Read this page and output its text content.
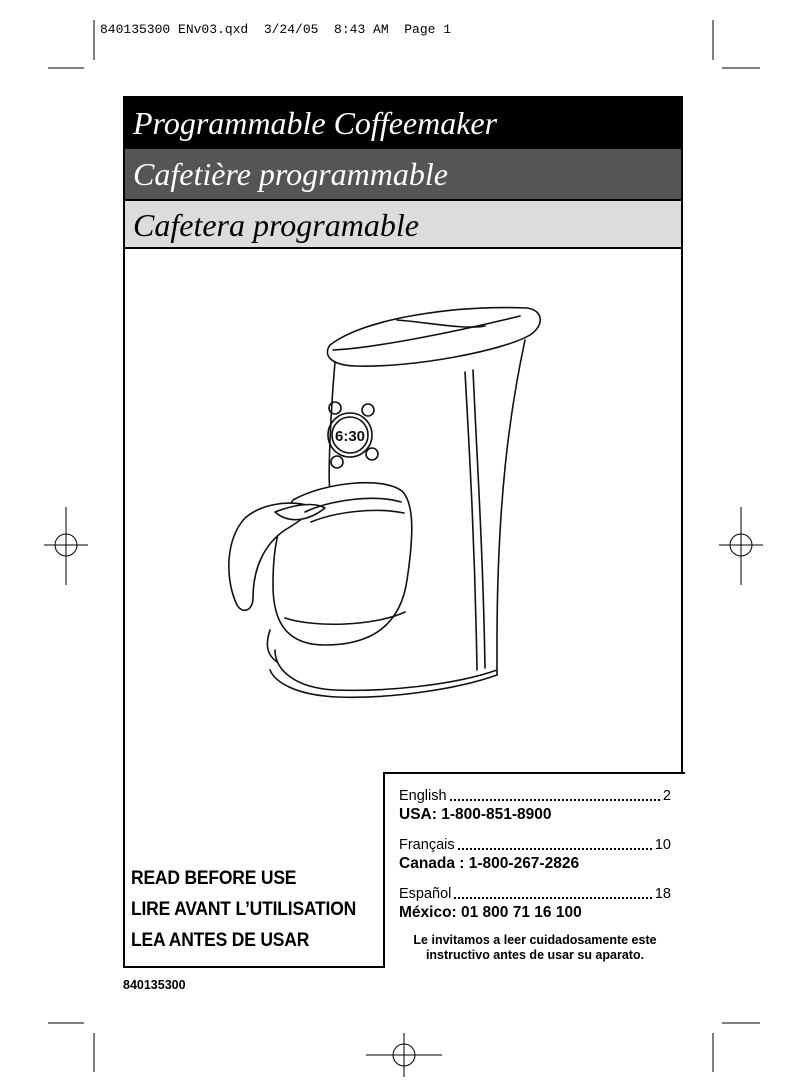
840135300 ENv03.qxd  3/24/05  8:43 AM  Page 1
Programmable Coffeemaker
Cafetière programmable
Cafetera programable
6:30
READ BEFORE USE
LIRE AVANT L’UTILISATION
LEA ANTES DE USAR
English	2
USA: 1-800-851-8900
Français	10
Canada : 1-800-267-2826
Español	18
México: 01 800 71 16 100
Le invitamos a leer cuidadosamente este instructivo antes de usar su aparato.
840135300
